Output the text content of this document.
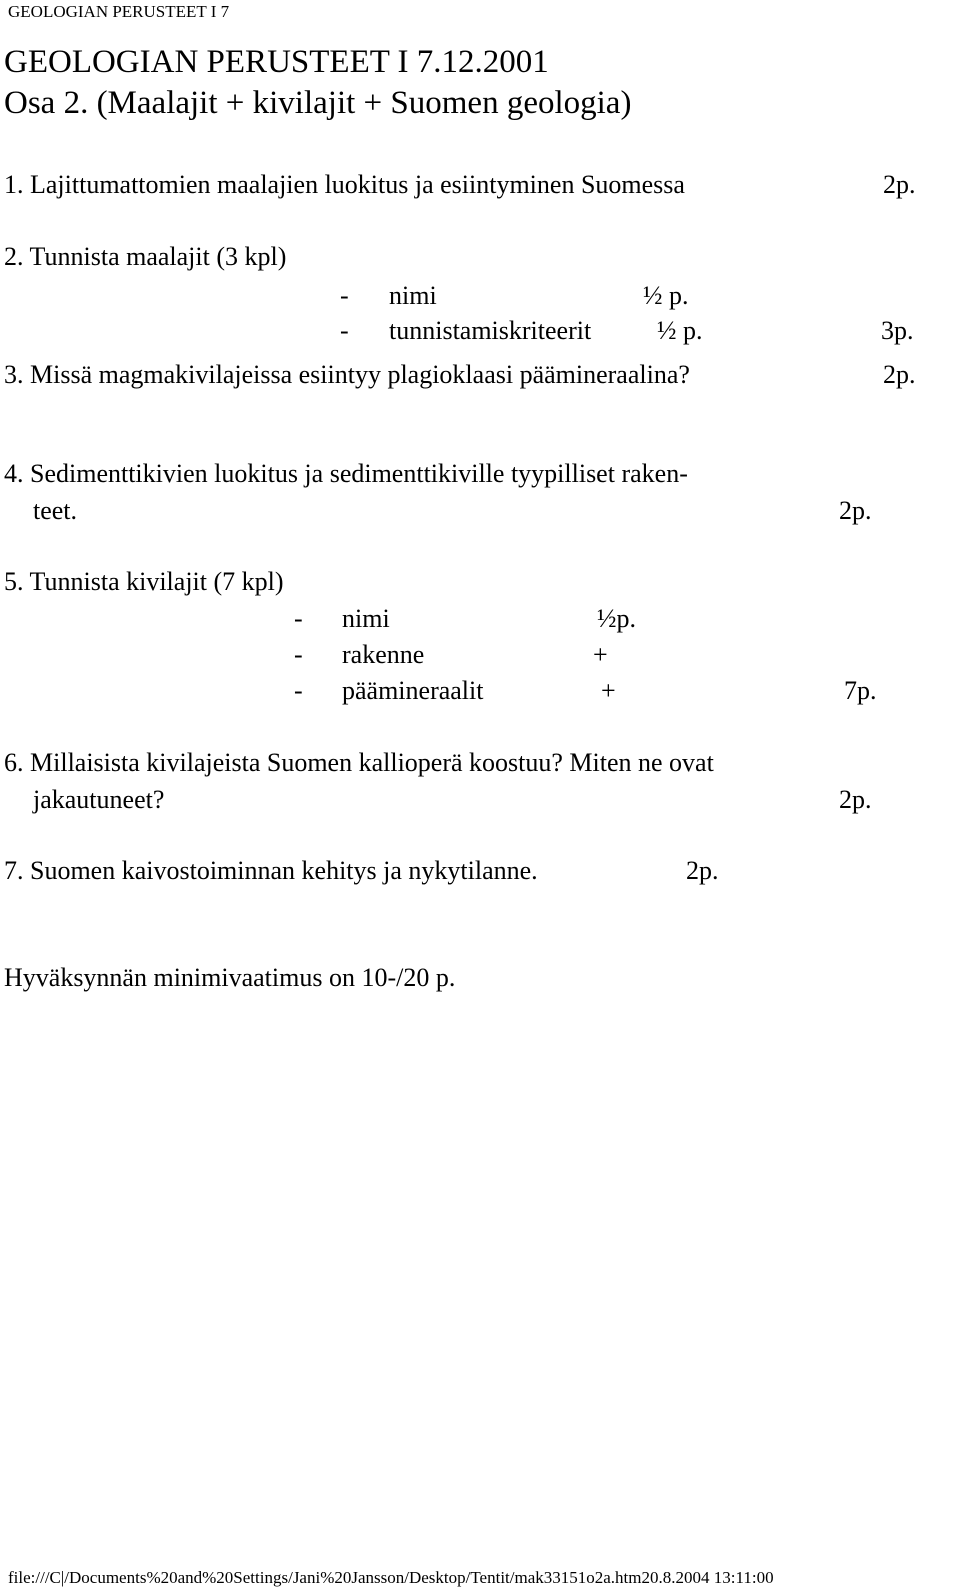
GEOLOGIAN PERUSTEET I 7
GEOLOGIAN PERUSTEET I 7.12.2001
Osa 2. (Maalajit + kivilajit + Suomen geologia)
1. Lajittumattomien maalajien luokitus ja esiintyminen Suomessa	2p.
2. Tunnista maalajit (3 kpl)
- nimi	½ p.
- tunnistamiskriteerit	½ p.	3p.
3. Missä magmakivilajeissa esiintyy plagioklaasi päämineraalina?	2p.
4. Sedimenttikivien luokitus ja sedimenttikiville tyypilliset raken-
teet.	2p.
5. Tunnista kivilajit (7 kpl)
- nimi	½p.
- rakenne	+
- päämineraalit	+	7p.
6. Millaisista kivilajeista Suomen kallioperä koostuu? Miten ne ovat
jakautuneet?	2p.
7. Suomen kaivostoiminnan kehitys ja nykytilanne.	2p.
Hyväksynnän minimivaatimus on 10-/20 p.
file:///C|/Documents%20and%20Settings/Jani%20Jansson/Desktop/Tentit/mak33151o2a.htm20.8.2004 13:11:00
